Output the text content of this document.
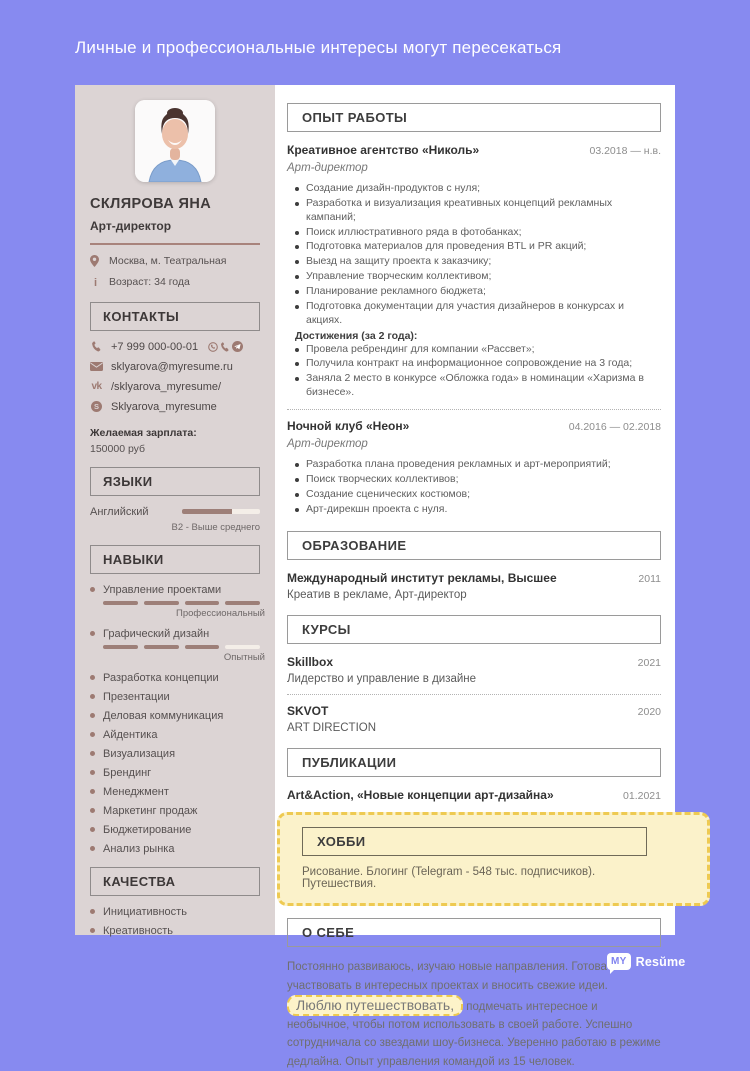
Личные и профессиональные интересы могут пересекаться
СКЛЯРОВА ЯНА
Арт-директор
Москва, м. Театральная
i	Возраст: 34 года
КОНТАКТЫ
+7 999 000-00-01
sklyarova@myresume.ru
vk /sklyarova_myresume/
S Sklyarova_myresume
Желаемая зарплата:
150000 руб
ЯЗЫКИ
Английский
B2 - Выше среднего
НАВЫКИ
Управление проектами
Профессиональный
Графический дизайн
Опытный
Разработка концепции
Презентации
Деловая коммуникация
Айдентика
Визуализация
Брендинг
Менеджмент
Маркетинг продаж
Бюджетирование
Анализ рынка
КАЧЕСТВА
Инициативность
Креативность
ОПЫТ РАБОТЫ
Креативное агентство «Николь»	03.2018 — н.в.
Арт-директор
Создание дизайн-продуктов с нуля;
Разработка и визуализация креативных концепций рекламных кампаний;
Поиск иллюстративного ряда в фотобанках;
Подготовка материалов для проведения BTL и PR акций;
Выезд на защиту проекта к заказчику;
Управление творческим коллективом;
Планирование рекламного бюджета;
Подготовка документации для участия дизайнеров в конкурсах и акциях.
Достижения (за 2 года):
Провела ребрендинг для компании «Рассвет»;
Получила контракт на информационное сопровождение на 3 года;
Заняла 2 место в конкурсе «Обложка года» в номинации «Харизма в бизнесе».
Ночной клуб «Неон»	04.2016 — 02.2018
Арт-директор
Разработка плана проведения рекламных и арт-мероприятий;
Поиск творческих коллективов;
Создание сценических костюмов;
Арт-дирекшн проекта с нуля.
ОБРАЗОВАНИЕ
Международный институт рекламы, Высшее	2011
Креатив в рекламе, Арт-директор
КУРСЫ
Skillbox	2021
Лидерство и управление в дизайне
SKVOT	2020
ART DIRECTION
ПУБЛИКАЦИИ
Art&Action, «Новые концепции арт-дизайна»	01.2021
ХОББИ
Рисование. Блогинг (Telegram - 548 тыс. подписчиков). Путешествия.
О СЕБЕ
Постоянно развиваюсь, изучаю новые направления. Готова участвовать в интересных проектах и вносить свежие идеи. Люблю путешествовать, подмечать интересное и необычное, чтобы потом использовать в своей работе. Успешно сотрудничала со звездами шоу-бизнеса. Уверенно работаю в режиме дедлайна. Опыт управления командой из 15 человек.
MY Resŭme
